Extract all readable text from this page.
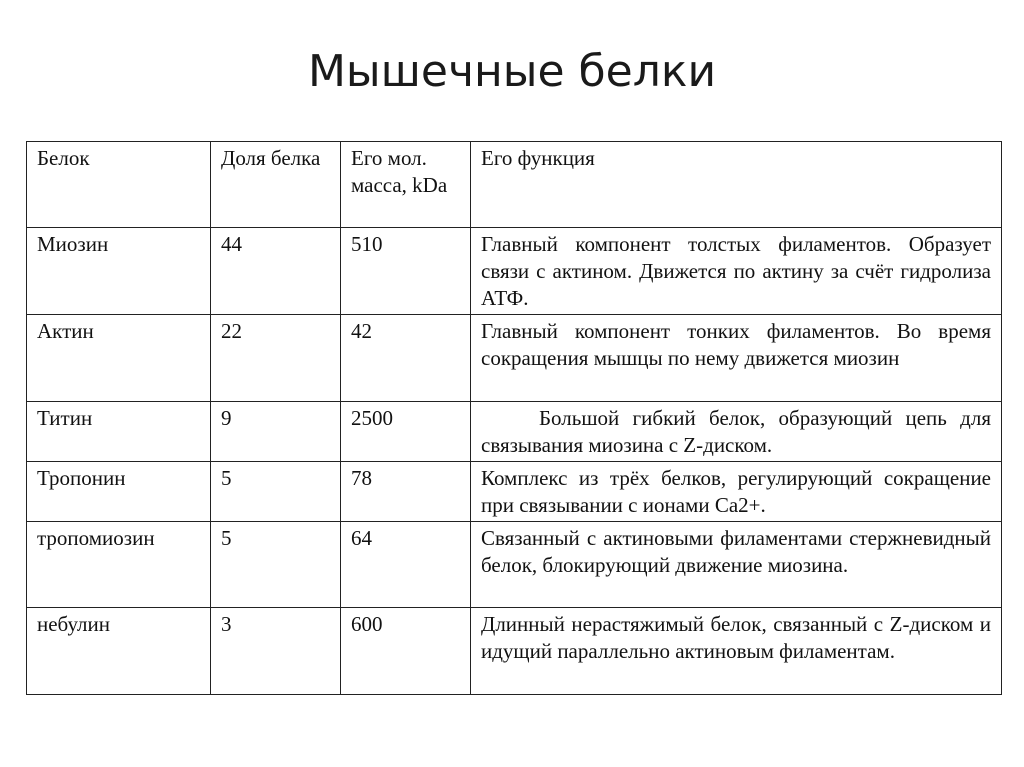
Мышечные белки
Белок	Доля белка	Его мол. масса, kDa	Его функция
Миозин	44	510	Главный компонент толстых филаментов. Образует связи с актином. Движется по актину за счёт гидролиза АТФ.
Актин	22	42	Главный компонент тонких филаментов. Во время сокращения мышцы по нему движется миозин
Титин	9	2500	Большой гибкий белок, образующий цепь для связывания миозина с Z-диском.
Тропонин	5	78	Комплекс из трёх белков, регулирующий сокращение при связывании с ионами Ca2+.
тропомиозин	5	64	Связанный с актиновыми филаментами стержневидный белок, блокирующий движение миозина.
небулин	3	600	Длинный нерастяжимый белок, связанный с Z-диском и идущий параллельно актиновым филаментам.
